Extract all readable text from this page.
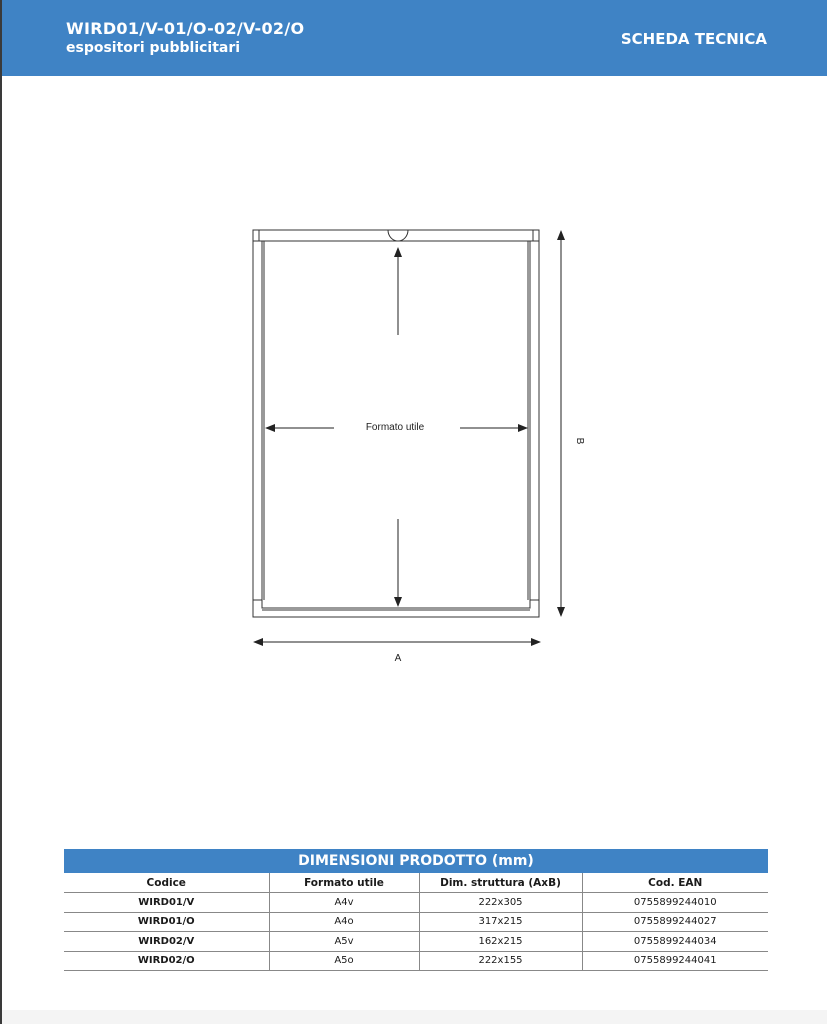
WIRD01/V-01/O-02/V-02/O
espositori pubblicitari	SCHEDA TECNICA
Formato utile
A
B
DIMENSIONI PRODOTTO (mm)
Codice	Formato utile	Dim. struttura (AxB)	Cod. EAN
WIRD01/V	A4v	222x305	0755899244010
WIRD01/O	A4o	317x215	0755899244027
WIRD02/V	A5v	162x215	0755899244034
WIRD02/O	A5o	222x155	0755899244041
